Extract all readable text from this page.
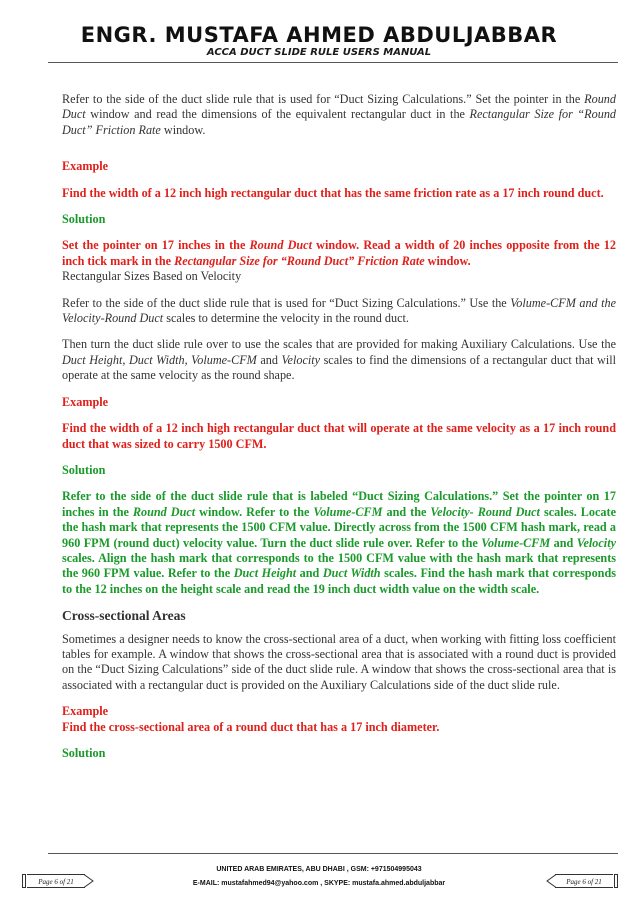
ENGR. MUSTAFA AHMED ABDULJABBAR
ACCA DUCT SLIDE RULE USERS MANUAL

Refer to the side of the duct slide rule that is used for “Duct Sizing Calculations.” Set the pointer in the Round Duct window and read the dimensions of the equivalent rectangular duct in the Rectangular Size for “Round Duct” Friction Rate window.

Example

Find the width of a 12 inch high rectangular duct that has the same friction rate as a 17 inch round duct.

Solution

Set the pointer on 17 inches in the Round Duct window. Read a width of 20 inches opposite from the 12 inch tick mark in the Rectangular Size for “Round Duct” Friction Rate window.

Rectangular Sizes Based on Velocity

Refer to the side of the duct slide rule that is used for “Duct Sizing Calculations.” Use the Volume-CFM and the Velocity-Round Duct scales to determine the velocity in the round duct.

Then turn the duct slide rule over to use the scales that are provided for making Auxiliary Calculations. Use the Duct Height, Duct Width, Volume-CFM and Velocity scales to find the dimensions of a rectangular duct that will operate at the same velocity as the round shape.

Example

Find the width of a 12 inch high rectangular duct that will operate at the same velocity as a 17 inch round duct that was sized to carry 1500 CFM.

Solution

Refer to the side of the duct slide rule that is labeled “Duct Sizing Calculations.” Set the pointer on 17 inches in the Round Duct window. Refer to the Volume-CFM and the Velocity- Round Duct scales. Locate the hash mark that represents the 1500 CFM value. Directly across from the 1500 CFM hash mark, read a 960 FPM (round duct) velocity value. Turn the duct slide rule over. Refer to the Volume-CFM and Velocity scales. Align the hash mark that corresponds to the 1500 CFM value with the hash mark that represents the 960 FPM value. Refer to the Duct Height and Duct Width scales. Find the hash mark that corresponds to the 12 inches on the height scale and read the 19 inch duct width value on the width scale.

Cross-sectional Areas

Sometimes a designer needs to know the cross-sectional area of a duct, when working with fitting loss coefficient tables for example. A window that shows the cross-sectional area that is associated with a round duct is provided on the “Duct Sizing Calculations” side of the duct slide rule. A window that shows the cross-sectional area that is associated with a rectangular duct is provided on the Auxiliary Calculations side of the duct slide rule.

Example

Find the cross-sectional area of a round duct that has a 17 inch diameter.

Solution

UNITED ARAB EMIRATES, ABU DHABI , GSM: +971504995043
E-MAIL: mustafahmed94@yahoo.com , SKYPE: mustafa.ahmed.abduljabbar
Page 6 of 21	Page 6 of 21
